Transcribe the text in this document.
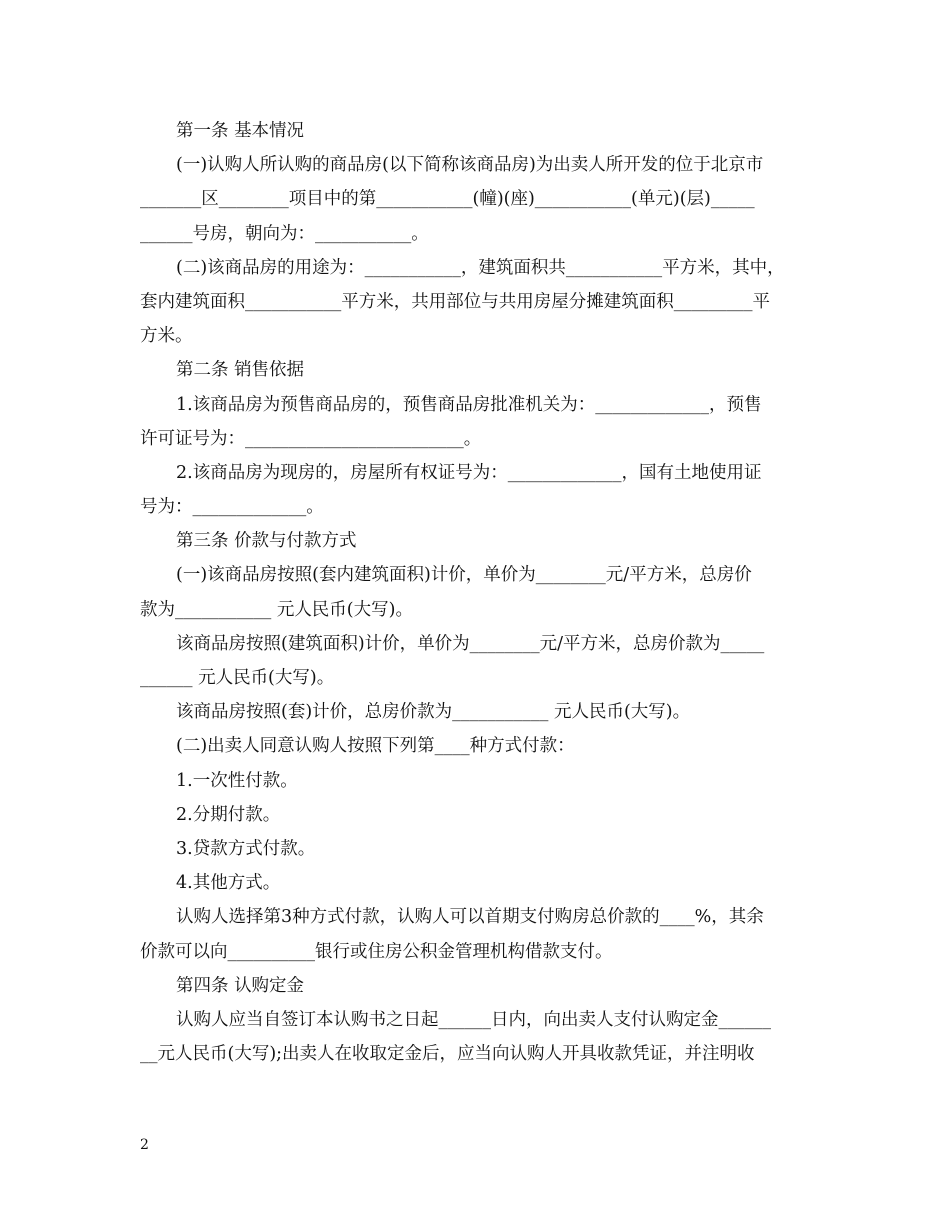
第一条 基本情况
(一)认购人所认购的商品房(以下简称该商品房)为出卖人所开发的位于北京市
_______区________项目中的第___________(幢)(座)___________(单元)(层)_____
______号房，朝向为：___________。
(二)该商品房的用途为：___________，建筑面积共___________平方米，其中，
套内建筑面积___________平方米，共用部位与共用房屋分摊建筑面积_________平
方米。
第二条 销售依据
1.该商品房为预售商品房的，预售商品房批准机关为：_____________，预售
许可证号为：_________________________。
2.该商品房为现房的，房屋所有权证号为：_____________，国有土地使用证
号为：_____________。
第三条 价款与付款方式
(一)该商品房按照(套内建筑面积)计价，单价为________元/平方米，总房价
款为___________ 元人民币(大写)。
该商品房按照(建筑面积)计价，单价为________元/平方米，总房价款为_____
______ 元人民币(大写)。
该商品房按照(套)计价，总房价款为___________ 元人民币(大写)。
(二)出卖人同意认购人按照下列第____种方式付款：
1.一次性付款。
2.分期付款。
3.贷款方式付款。
4.其他方式。
认购人选择第3种方式付款，认购人可以首期支付购房总价款的____%，其余
价款可以向__________银行或住房公积金管理机构借款支付。
第四条 认购定金
认购人应当自签订本认购书之日起______日内，向出卖人支付认购定金______
__元人民币(大写);出卖人在收取定金后，应当向认购人开具收款凭证，并注明收
2
